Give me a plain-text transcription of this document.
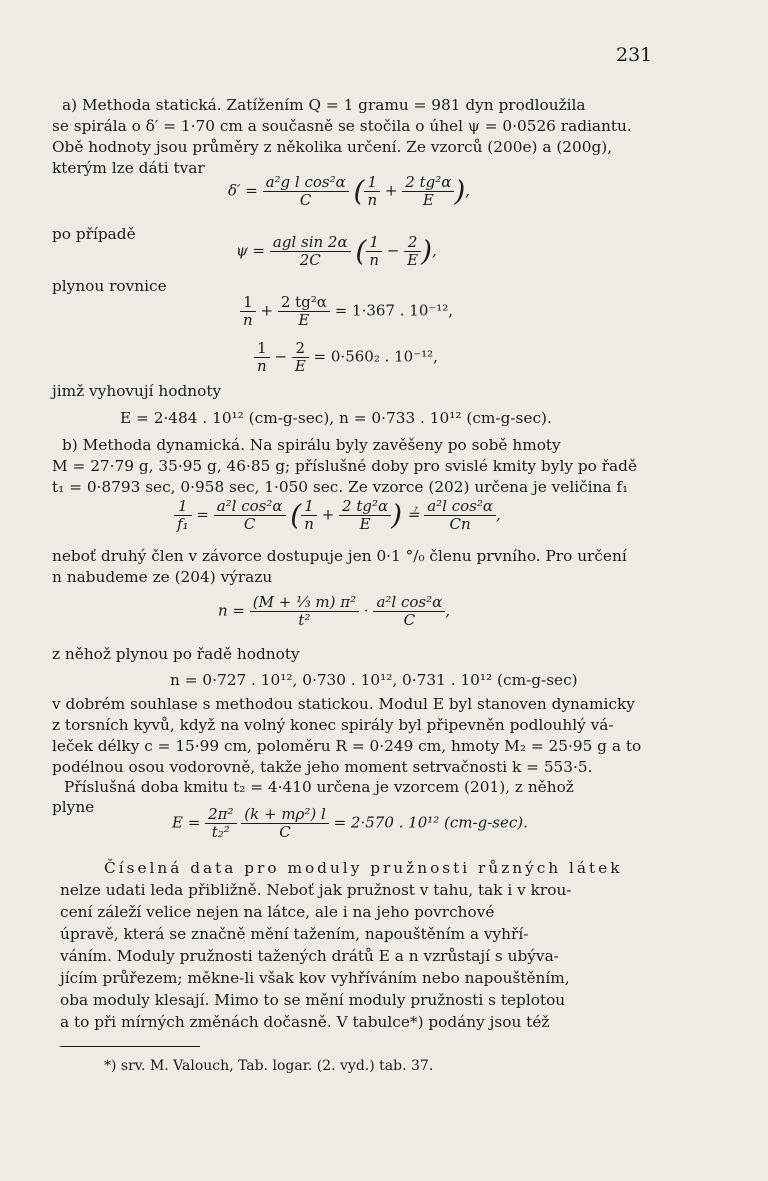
231
a) Methoda statická. Zatížením Q = 1 gramu = 981 dyn prodloužila
se spirála o δ′ = 1·70 cm a současně se stočila o úhel ψ = 0·0526 radiantu.
Obě hodnoty jsou průměry z několika určení. Ze vzorců (200e) a (200g),
kterým lze dáti tvar
$\delta' = \frac{\text{a²g l cos²α}}{C}$ ( $\frac{1}{n} + \frac{\text{2 tg²α}}{E}$ ),
po případě
$\psi = \frac{\text{agl sin 2α}}{2C}$ ( $\frac{1}{n} - \frac{2}{E}$ ),
plynou rovnice
$\frac{1}{n} + \frac{\text{2 tg²α}}{E} = 1\cdot 367$ . 10⁻¹²,
$\frac{1}{n} - \frac{2}{E} = 0\cdot 560_2$ . 10⁻¹²,
jimž vyhovují hodnoty
E = 2·484 . 10¹² (cm-g-sec), n = 0·733 . 10¹² (cm-g-sec).
b) Methoda dynamická. Na spirálu byly zavěšeny po sobě hmoty
M = 27·79 g, 35·95 g, 46·85 g; příslušné doby pro svislé kmity byly po řadě
t₁ = 0·8793 sec, 0·958 sec, 1·050 sec. Ze vzorce (202) určena je veličina f₁
$\frac{1}{\text{f₁}} = \frac{\text{a²l cos²α}}{C}$ ( $\frac{1}{n} + \frac{\text{2 tg²α}}{E}$ ) ≟ $\frac{\text{a²l cos²α}}{Cn}$ ,
neboť druhý člen v závorce dostupuje jen 0·1 °/₀ členu prvního. Pro určení
n nabudeme ze (204) výrazu
$n = \frac{\text{(M + ⅓ m) π²}}{\text{t²}} \cdot \frac{\text{a²l cos²α}}{C}$ ,
z něhož plynou po řadě hodnoty
n = 0·727 . 10¹², 0·730 . 10¹², 0·731 . 10¹² (cm-g-sec)
v dobrém souhlase s methodou statickou. Modul E byl stanoven dynamicky
z torsních kyvů, když na volný konec spirály byl připevněn podlouhlý vá-
leček délky c = 15·99 cm, poloměru R = 0·249 cm, hmoty M₂ = 25·95 g a to
podélnou osou vodorovně, takže jeho moment setrvačnosti k = 553·5.
Příslušná doba kmitu t₂ = 4·410 určena je vzorcem (201), z něhož
plyne
$E = \frac{\text{2π²}}{\text{t₂²}}$
$\frac{\text{(k + mρ²) l}}{C} = 2\cdot 570$ . 10¹² (cm-g-sec).
Číselná data pro moduly pružnosti různých látek
nelze udati leda přibližně. Neboť jak pružnost v tahu, tak i v krou-
cení záleží velice nejen na látce, ale i na jeho povrchové
úpravě, která se značně mění tažením, napouštěním a vyhří-
váním. Moduly pružnosti tažených drátů E a n vzrůstají s ubýva-
jícím průřezem; měkne-li však kov vyhříváním nebo napouštěním,
oba moduly klesají. Mimo to se mění moduly pružnosti s teplotou
a to při mírných změnách dočasně. V tabulce*) podány jsou též
*) srv. M. Valouch, Tab. logar. (2. vyd.) tab. 37.
